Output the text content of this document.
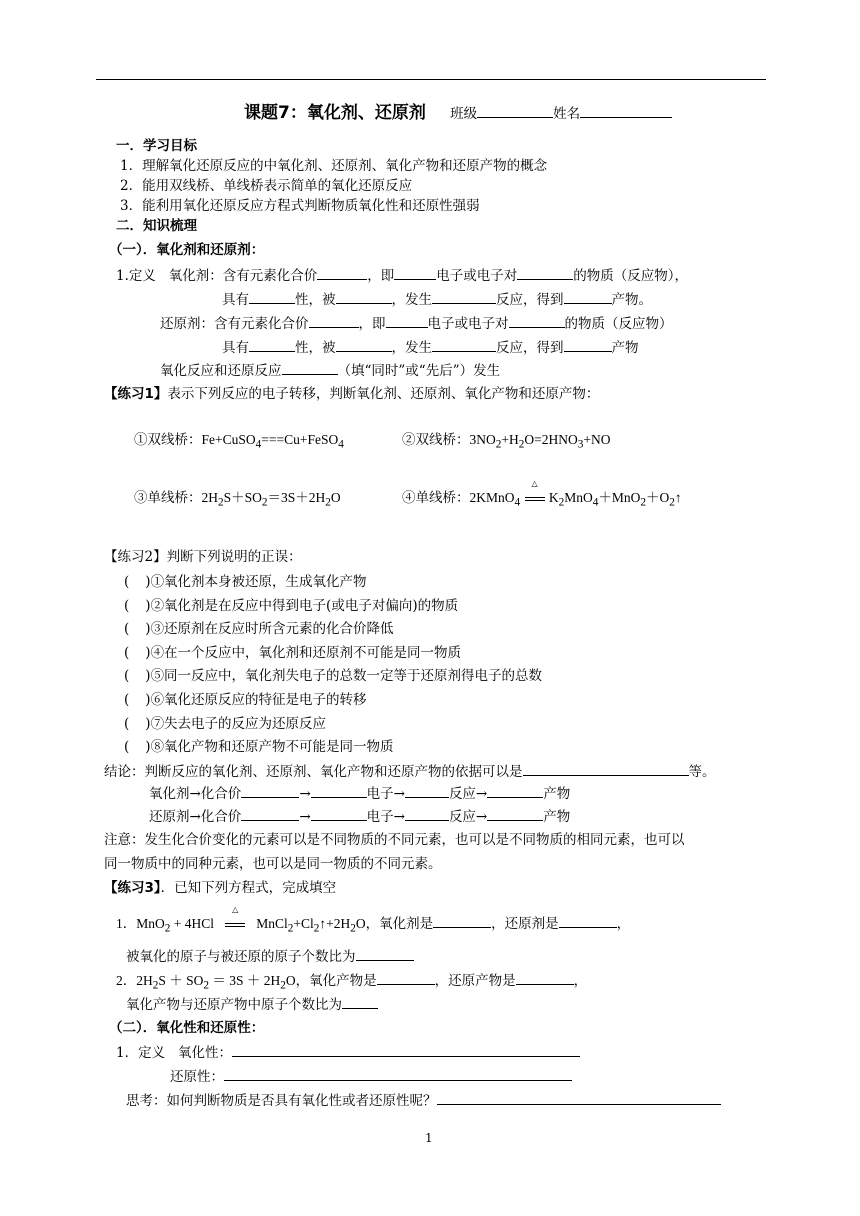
课题7：氧化剂、还原剂 班级	姓名
一．学习目标
1．理解氧化还原反应的中氧化剂、还原剂、氧化产物和还原产物的概念
2．能用双线桥、单线桥表示简单的氧化还原反应
3．能利用氧化还原反应方程式判断物质氧化性和还原性强弱
二．知识梳理
（一）．氧化剂和还原剂：
1.定义 氧化剂：含有元素化合价	，即	电子或电子对	的物质（反应物），
具有	性，被	，发生	反应，得到	产物。
还原剂：含有元素化合价	，即	电子或电子对	的物质（反应物）
具有	性，被	，发生	反应，得到	产物
氧化反应和还原反应	（填“同时”或“先后”）发生
【练习1】表示下列反应的电子转移，判断氧化剂、还原剂、氧化产物和还原产物：
①双线桥：Fe+CuSO$_4$===Cu+FeSO$_4$	②双线桥：$3NO_2+H_2O=2HNO_3+NO$
③单线桥：$2H_2S+SO_2=3S+2H_2O$	④单线桥：2KMnO$_4$
△
$K_2MnO_4+MnO_2+O_2↑$
【练习2】判断下列说明的正误：
( )①氧化剂本身被还原，生成氧化产物
( )②氧化剂是在反应中得到电子(或电子对偏向)的物质
( )③还原剂在反应时所含元素的化合价降低
( )④在一个反应中，氧化剂和还原剂不可能是同一物质
( )⑤同一反应中，氧化剂失电子的总数一定等于还原剂得电子的总数
( )⑥氧化还原反应的特征是电子的转移
( )⑦失去电子的反应为还原反应
( )⑧氧化产物和还原产物不可能是同一物质
结论：判断反应的氧化剂、还原剂、氧化产物和还原产物的依据可以是	等。
氧化剂→化合价	→	电子→	反应→	产物
还原剂→化合价	→	电子→	反应→	产物
注意：发生化合价变化的元素可以是不同物质的不同元素，也可以是不同物质的相同元素，也可以
同一物质中的同种元素，也可以是同一物质的不同元素。
【练习3】．已知下列方程式，完成填空
1．MnO$_2$ + 4HCl
△
$MnCl_2+Cl_2↑+2H_2O$，氧化剂是	，还原剂是	，
被氧化的原子与被还原的原子个数比为
2．$2H_2S + SO_2 = 3S + 2H_2O$，氧化产物是	，还原产物是	，
氧化产物与还原产物中原子个数比为
（二）．氧化性和还原性：
1．定义 氧化性：
还原性：
思考：如何判断物质是否具有氧化性或者还原性呢？
1
